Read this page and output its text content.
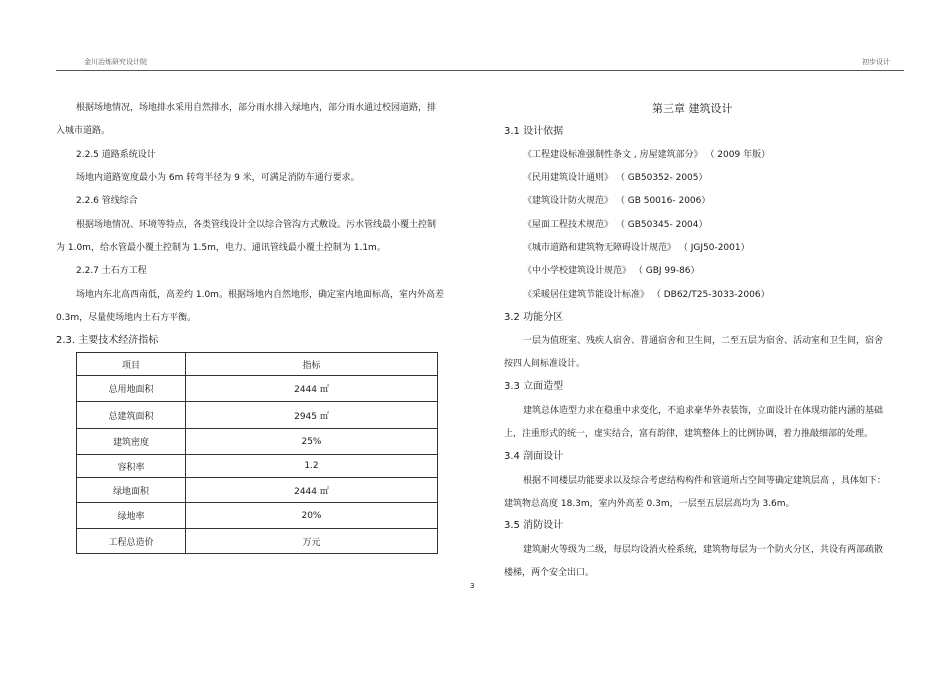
金川冶炼研究设计院	初步设计
根据场地情况，场地排水采用自然排水，部分雨水排入绿地内，部分雨水通过校园道路，排
入城市道路。
2.2.5 道路系统设计
场地内道路宽度最小为 6m 转弯半径为 9 米，可满足消防车通行要求。
2.2.6 管线综合
根据场地情况、环境等特点，各类管线设计全以综合管沟方式敷设。污水管线最小覆土控制
为 1.0m，给水管最小覆土控制为 1.5m，电力、通讯管线最小覆土控制为 1.1m。
2.2.7 土石方工程
场地内东北高西南低，高差约 1.0m。根据场地内自然地形，确定室内地面标高，室内外高差
0.3m，尽量使场地内土石方平衡。
2.3. 主要技术经济指标
项目	指标
总用地面积	2444 ㎡
总建筑面积	2945 ㎡
建筑密度	25%
容积率	1.2
绿地面积	2444 ㎡
绿地率	20%
工程总造价	万元
第三章 建筑设计
3.1 设计依据
《工程建设标准强制性条文 , 房屋建筑部分》 （ 2009 年版）
《民用建筑设计通则》 （ GB50352- 2005）
《建筑设计防火规范》 （ GB 50016- 2006）
《屋面工程技术规范》 （ GB50345- 2004）
《城市道路和建筑物无障碍设计规范》 （ JGJ50-2001）
《中小学校建筑设计规范》 （ GBJ 99-86）
《采暖居住建筑节能设计标准》 （ DB62/T25-3033-2006）
3.2 功能分区
一层为值班室、残疾人宿舍、普通宿舍和卫生间，二至五层为宿舍、活动室和卫生间，宿舍
按四人间标准设计。
3.3 立面造型
建筑总体造型力求在稳重中求变化，不追求豪华外表装饰，立面设计在体现功能内涵的基础
上，注重形式的统一，虚实结合，富有韵律，建筑整体上的比例协调，着力推敲细部的处理。
3.4 剖面设计
根据不同楼层功能要求以及综合考虑结构构件和管道所占空间等确定建筑层高 ，具体如下：
建筑物总高度 18.3m，室内外高差 0.3m，一层至五层层高均为 3.6m。
3.5 消防设计
建筑耐火等级为二级，每层均设消火栓系统，建筑物每层为一个防火分区，共设有两部疏散
楼梯，两个安全出口。
3
